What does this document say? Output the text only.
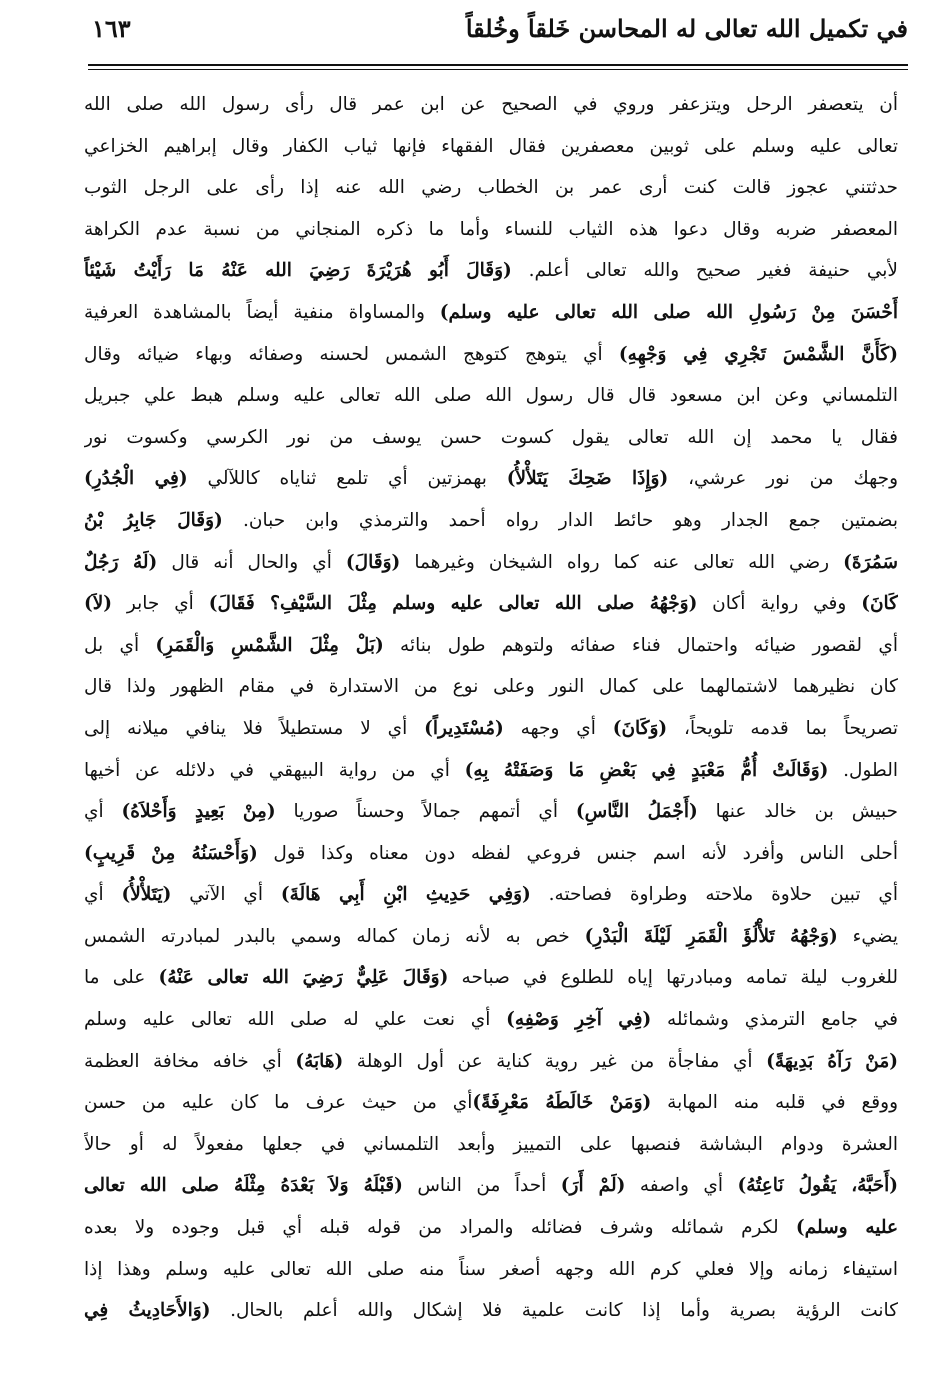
في تكميل الله تعالى له المحاسن خَلقاً وخُلقاً
١٦٣
أن يتعصفر الرحل ويتزعفر وروي في الصحيح عن ابن عمر قال رأى رسول الله صلى الله
تعالى عليه وسلم على ثوبين معصفرين فقال الفقهاء فإنها ثياب الكفار وقال إبراهيم الخزاعي
حدثتني عجوز قالت كنت أرى عمر بن الخطاب رضي الله عنه إذا رأى على الرجل الثوب
المعصفر ضربه وقال دعوا هذه الثياب للنساء وأما ما ذكره المنجاني من نسبة عدم الكراهة
لأبي حنيفة فغير صحيح والله تعالى أعلم. (وَقَالَ أَبُو هُرَيْرَةَ رَضِيَ الله عَنْهُ مَا رَأَيْتُ شَيْئاً
أَحْسَنَ مِنْ رَسُولِ الله صلى الله تعالى عليه وسلم) والمساواة منفية أيضاً بالمشاهدة العرفية
(كَأَنَّ الشَّمْسَ تَجْرِي فِي وَجْهِهِ) أي يتوهج كتوهج الشمس لحسنه وصفائه وبهاء ضيائه وقال
التلمساني وعن ابن مسعود قال قال رسول الله صلى الله تعالى عليه وسلم هبط علي جبريل
فقال يا محمد إن الله تعالى يقول كسوت حسن يوسف من نور الكرسي وكسوت نور
وجهك من نور عرشي، (وَإِذَا ضَحِكَ يَتَلأْلأُ) بهمزتين أي تلمع ثناياه كاللآلي (فِي الْجُدُرِ)
بضمتين جمع الجدار وهو حائط الدار رواه أحمد والترمذي وابن حبان. (وَقَالَ جَابِرُ بْنُ
سَمُرَةَ) رضي الله تعالى عنه كما رواه الشيخان وغيرهما (وَقَالَ) أي والحال أنه قال (لَهُ رَجُلٌ
كَانَ) وفي رواية أكان (وَجْهُهُ صلى الله تعالى عليه وسلم مِثْلَ السَّيْفِ؟ فَقَالَ) أي جابر (لاَ)
أي لقصور ضيائه واحتمال فناء صفائه ولتوهم طول بنائه (بَلْ مِثْلَ الشَّمْسِ وَالْقَمَرِ) أي بل
كان نظيرهما لاشتمالهما على كمال النور وعلى نوع من الاستدارة في مقام الظهور ولذا قال
تصريحاً بما قدمه تلويحاً، (وَكَانَ) أي وجهه (مُسْتَدِيراً) أي لا مستطيلاً فلا ينافي ميلانه إلى
الطول. (وَقَالَتْ أُمُّ مَعْبَدٍ فِي بَعْضِ مَا وَصَفَتْهُ بِهِ) أي من رواية البيهقي في دلائله عن أخيها
حبيش بن خالد عنها (أَجْمَلُ النَّاسِ) أي أتمهم جمالاً وحسناً صوريا (مِنْ بَعِيدٍ وَأَحْلاَهُ) أي
أحلى الناس وأفرد لأنه اسم جنس فروعي لفظه دون معناه وكذا قول (وَأَحْسَنُهُ مِنْ قَرِيبٍ)
أي تبين حلاوة ملاحته وطراوة فصاحته. (وَفِي حَدِيثِ ابْنِ أَبِي هَالَةَ) أي الآتي (يَتَلأْلأُ) أي
يضيء (وَجْهُهُ تَلأْلُؤَ الْقَمَرِ لَيْلَةَ الْبَدْرِ) خص به لأنه زمان كماله وسمي بالبدر لمبادرته الشمس
للغروب ليلة تمامه ومبادرتها إياه للطلوع في صباحه (وَقَالَ عَلِيٌّ رَضِيَ الله تعالى عَنْهُ) على ما
في جامع الترمذي وشمائله (فِي آخِرِ وَصْفِهِ) أي نعت علي له صلى الله تعالى عليه وسلم
(مَنْ رَآهُ بَدِيهَةً) أي مفاجأة من غير روية كناية عن أول الوهلة (هَابَهُ) أي خافه مخافة العظمة
ووقع في قلبه منه المهابة (وَمَنْ خَالَطَهُ مَعْرِفَةً)أي من حيث عرف ما كان عليه من حسن
العشرة ودوام البشاشة فنصبها على التمييز وأبعد التلمساني في جعلها مفعولاً له أو حالاً
(أَحَبَّهُ، يَقُولُ نَاعِتُهُ) أي واصفه (لَمْ أَرَ) أحداً من الناس (قَبْلَهُ وَلاَ بَعْدَهُ مِثْلَهُ صلى الله تعالى
عليه وسلم) لكرم شمائله وشرف فضائله والمراد من قوله قبله أي قبل وجوده ولا بعده
استيفاء زمانه وإلا فعلي كرم الله وجهه أصغر سناً منه صلى الله تعالى عليه وسلم وهذا إذا
كانت الرؤية بصرية وأما إذا كانت علمية فلا إشكال والله أعلم بالحال. (وَالأَحَادِيثُ فِي
